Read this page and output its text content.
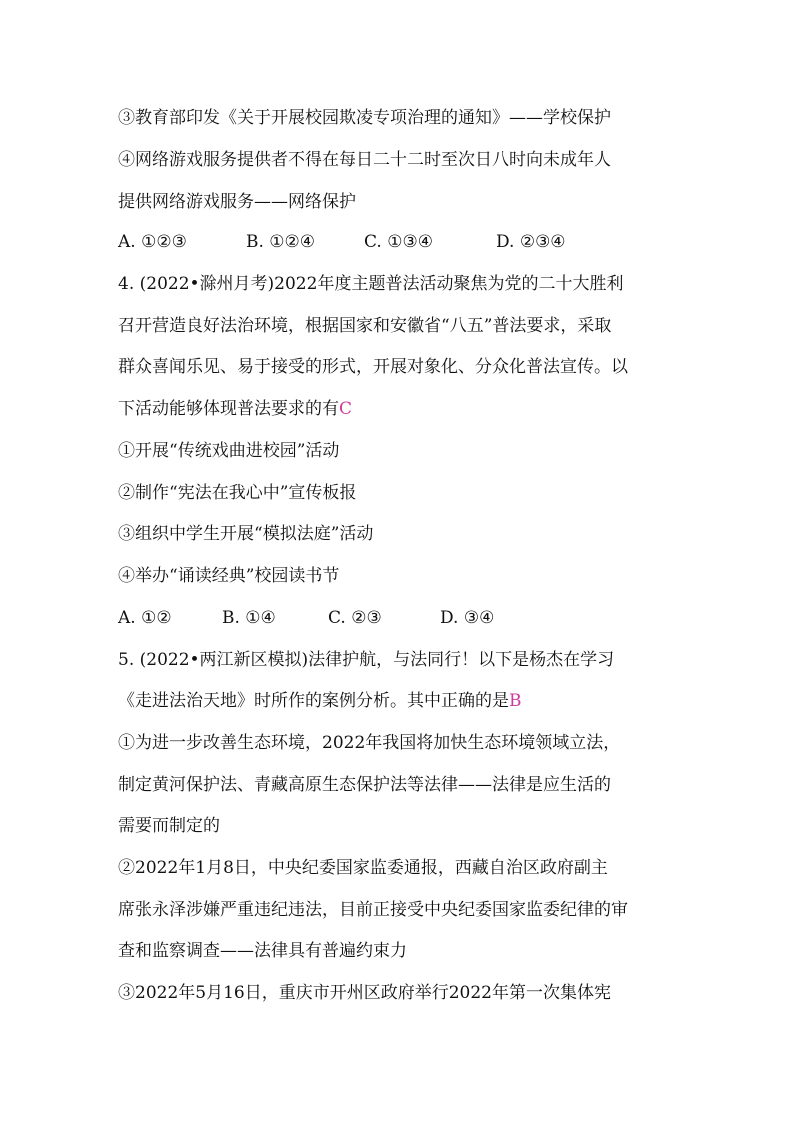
③教育部印发《关于开展校园欺凌专项治理的通知》——学校保护
④网络游戏服务提供者不得在每日二十二时至次日八时向未成年人
提供网络游戏服务——网络保护
A. ①②③	B. ①②④	C. ①③④	D. ②③④
4. (2022•滁州月考)2022年度主题普法活动聚焦为党的二十大胜利
召开营造良好法治环境，根据国家和安徽省“八五”普法要求，采取
群众喜闻乐见、易于接受的形式，开展对象化、分众化普法宣传。以
下活动能够体现普法要求的有C
①开展“传统戏曲进校园”活动
②制作“宪法在我心中”宣传板报
③组织中学生开展“模拟法庭”活动
④举办“诵读经典”校园读书节
A. ①②	B. ①④	C. ②③	D. ③④
5. (2022•两江新区模拟)法律护航，与法同行！以下是杨杰在学习
《走进法治天地》时所作的案例分析。其中正确的是B
①为进一步改善生态环境，2022年我国将加快生态环境领域立法，
制定黄河保护法、青藏高原生态保护法等法律——法律是应生活的
需要而制定的
②2022年1月8日，中央纪委国家监委通报，西藏自治区政府副主
席张永泽涉嫌严重违纪违法，目前正接受中央纪委国家监委纪律的审
查和监察调查——法律具有普遍约束力
③2022年5月16日，重庆市开州区政府举行2022年第一次集体宪
